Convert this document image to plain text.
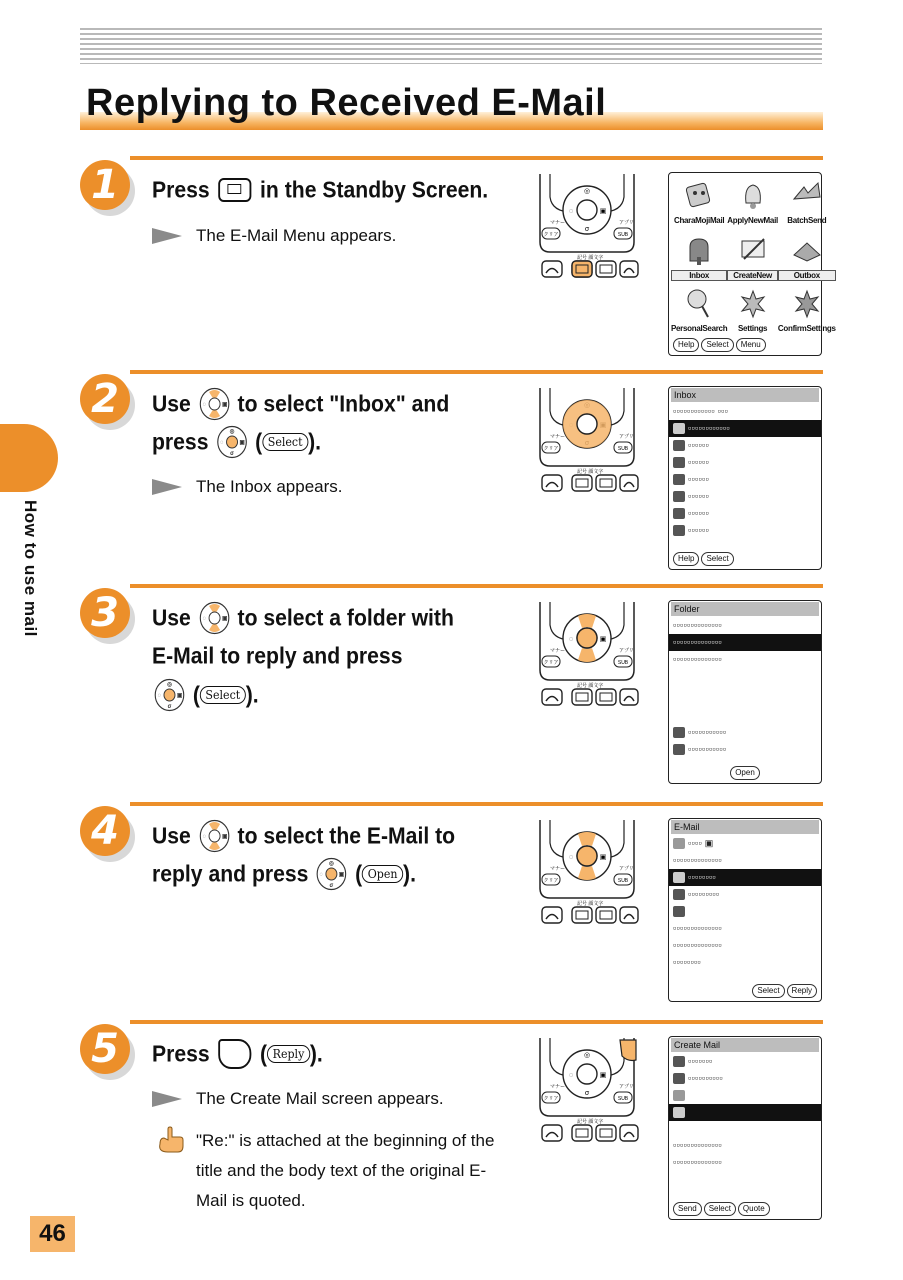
Replying to Received E-Mail
How to use mail
46
1	Press in the Standby Screen.
The E-Mail Menu appears.
CharaMojiMail ApplyNewMail	BatchSend
Inbox	CreateNew	Outbox
PersonalSearch	Settings	ConfirmSettings
Help	Select	Menu
2	Use to select "Inbox" and
press ( Select ).
The Inbox appears.
Inbox
▫▫▫▫▫▫▫▫▫▫▫▫ ▫▫▫
▫▫▫▫▫▫▫▫▫▫▫▫
▫▫▫▫▫▫
▫▫▫▫▫▫
▫▫▫▫▫▫
▫▫▫▫▫▫
▫▫▫▫▫▫
▫▫▫▫▫▫
Help	Select
3	Use to select a folder with
E-Mail to reply and press
( Select ).
Folder
▫▫▫▫▫▫▫▫▫▫▫▫▫▫
▫▫▫▫▫▫▫▫▫▫▫▫▫▫
▫▫▫▫▫▫▫▫▫▫▫▫▫▫
▫▫▫▫▫▫▫▫▫▫▫
▫▫▫▫▫▫▫▫▫▫▫
Open
4	Use to select the E-Mail to
reply and press ( Open ).
E-Mail
▫▫▫▫ ▣
▫▫▫▫▫▫▫▫▫▫▫▫▫▫
▫▫▫▫▫▫▫▫
▫▫▫▫▫▫▫▫▫
▫▫▫▫▫▫▫▫▫▫▫▫▫▫
▫▫▫▫▫▫▫▫▫▫▫▫▫▫
▫▫▫▫▫▫▫▫
Select	Reply
5	Press ( Reply ).
The Create Mail screen appears.
"Re:" is attached at the beginning of the title and the body text of the original E-Mail is quoted.
Create Mail
▫▫▫▫▫▫▫
▫▫▫▫▫▫▫▫▫▫
▫▫▫▫▫▫▫▫▫▫▫▫▫▫
▫▫▫▫▫▫▫▫▫▫▫▫▫▫
Send	Select	Quote
